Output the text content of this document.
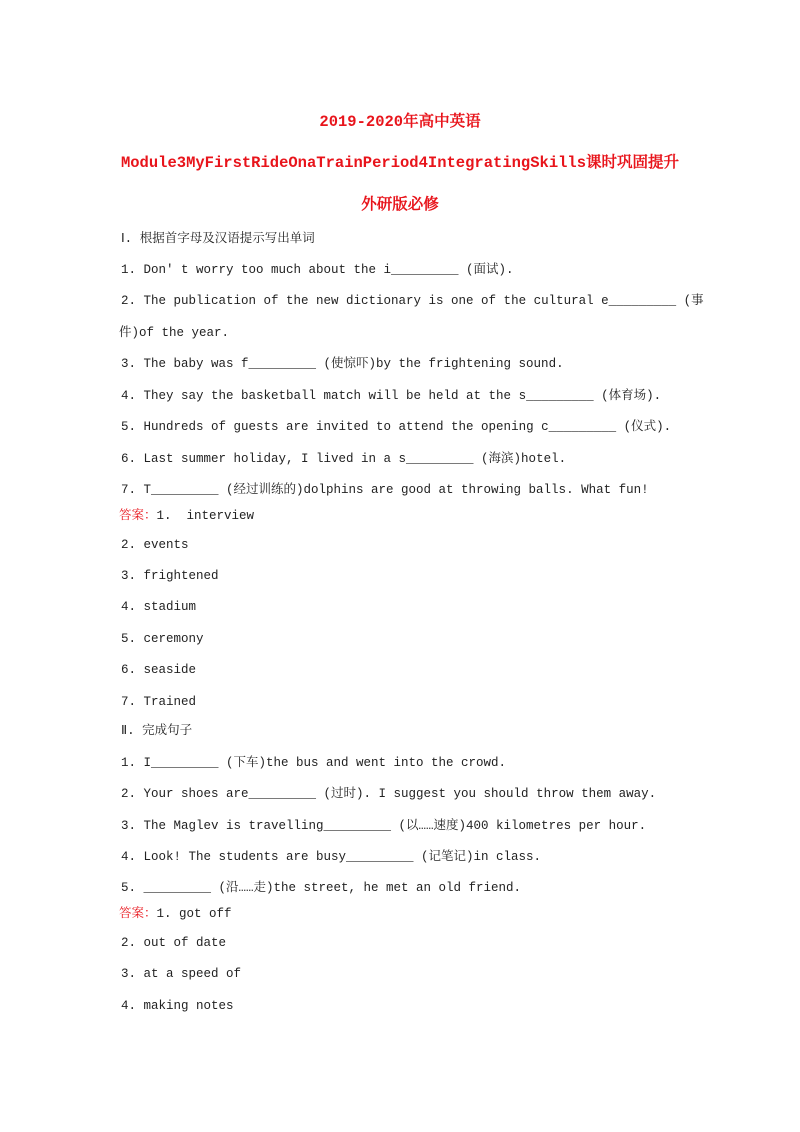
2019-2020年高中英语
Module3MyFirstRideOnaTrainPeriod4IntegratingSkills课时巩固提升
外研版必修
Ⅰ. 根据首字母及汉语提示写出单词
1. Don' t worry too much about the i_________ (面试).
2. The publication of the new dictionary is one of the cultural e_________ (事
件)of the year.
3. The baby was f_________ (使惊吓)by the frightening sound.
4. They say the basketball match will be held at the s_________ (体育场).
5. Hundreds of guests are invited to attend the opening c_________ (仪式).
6. Last summer holiday, I lived in a s_________ (海滨)hotel.
7. T_________ (经过训练的)dolphins are good at throwing balls. What fun!
答案：1.  interview
2. events
3. frightened
4. stadium
5. ceremony
6. seaside
7. Trained
Ⅱ. 完成句子
1. I_________ (下车)the bus and went into the crowd.
2. Your shoes are_________ (过时). I suggest you should throw them away.
3. The Maglev is travelling_________ (以……速度)400 kilometres per hour.
4. Look! The students are busy_________ (记笔记)in class.
5. _________ (沿……走)the street, he met an old friend.
答案：1. got off
2. out of date
3. at a speed of
4. making notes
